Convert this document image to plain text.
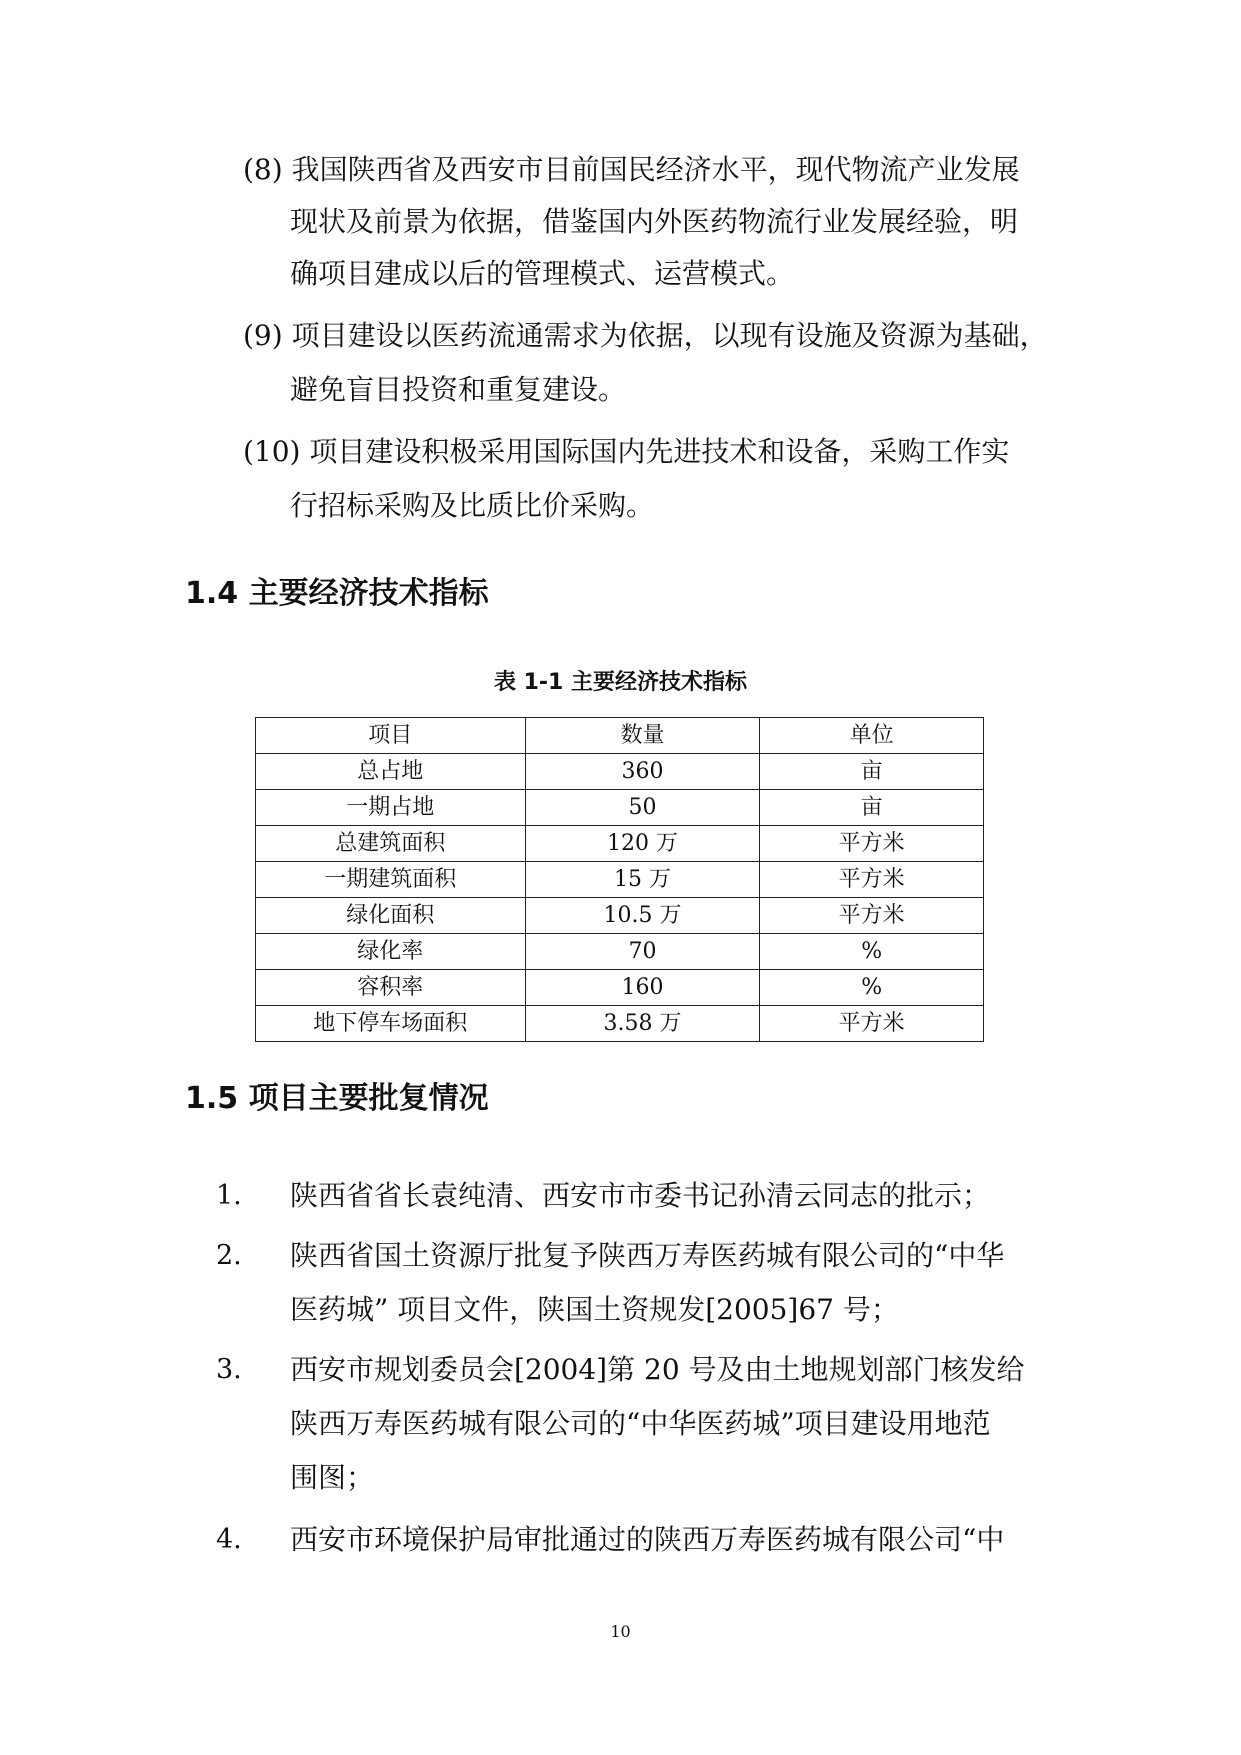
(8) 我国陕西省及西安市目前国民经济水平，现代物流产业发展
现状及前景为依据，借鉴国内外医药物流行业发展经验，明
确项目建成以后的管理模式、运营模式。
(9) 项目建设以医药流通需求为依据，以现有设施及资源为基础，
避免盲目投资和重复建设。
(10) 项目建设积极采用国际国内先进技术和设备，采购工作实
行招标采购及比质比价采购。
1.4 主要经济技术指标
表 1-1 主要经济技术指标
项目	数量	单位
总占地	360	亩
一期占地	50	亩
总建筑面积	120 万	平方米
一期建筑面积	15 万	平方米
绿化面积	10.5 万	平方米
绿化率	70	%
容积率	160	%
地下停车场面积	3.58 万	平方米
1.5 项目主要批复情况
1. 陕西省省长袁纯清、西安市市委书记孙清云同志的批示；
2. 陕西省国土资源厅批复予陕西万寿医药城有限公司的“中华
医药城” 项目文件，陕国土资规发[2005]67 号；
3. 西安市规划委员会[2004]第 20 号及由土地规划部门核发给
陕西万寿医药城有限公司的“中华医药城”项目建设用地范
围图；
4. 西安市环境保护局审批通过的陕西万寿医药城有限公司“中
10
